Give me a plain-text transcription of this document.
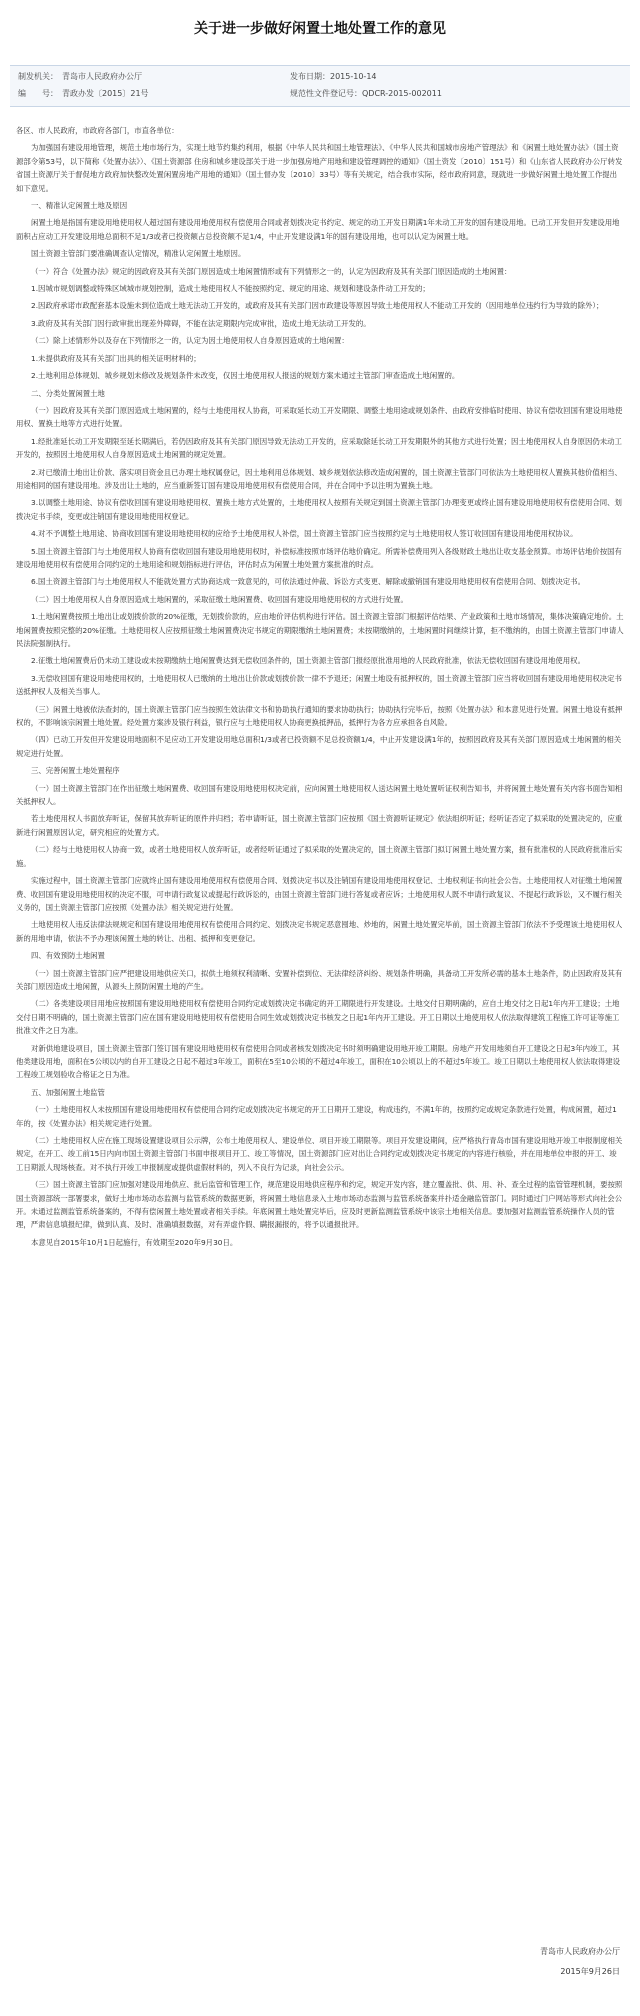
关于进一步做好闲置土地处置工作的意见
制发机关： 青岛市人民政府办公厅	发布日期：2015-10-14
编　　号： 青政办发〔2015〕21号	规范性文件登记号：QDCR-2015-002011

各区、市人民政府，市政府各部门，市直各单位：

为加强国有建设用地管理，规范土地市场行为，实现土地节约集约利用，根据《中华人民共和国土地管理法》、《中华人民共和国城市房地产管理法》和《闲置土地处置办法》（国土资源部令第53号，以下简称《处置办法》）、《国土资源部 住房和城乡建设部关于进一步加强房地产用地和建设管理调控的通知》（国土资发〔2010〕151号）和《山东省人民政府办公厅转发省国土资源厅关于督促地方政府加快整改处置闲置房地产用地的通知》（国土督办发〔2010〕33号）等有关规定，结合我市实际，经市政府同意，现就进一步做好闲置土地处置工作提出如下意见。

一、精准认定闲置土地及原因

闲置土地是指国有建设用地使用权人超过国有建设用地使用权有偿使用合同或者划拨决定书约定、规定的动工开发日期满1年未动工开发的国有建设用地。已动工开发但开发建设用地面积占应动工开发建设用地总面积不足1/3或者已投资额占总投资额不足1/4，中止开发建设满1年的国有建设用地，也可以认定为闲置土地。

国土资源主管部门要准确调查认定情况，精准认定闲置土地原因。

（一）符合《处置办法》规定的因政府及其有关部门原因造成土地闲置情形或有下列情形之一的，认定为因政府及其有关部门原因造成的土地闲置：

1.因城市规划调整或特殊区域城市规划控制，造成土地使用权人不能按照约定、规定的用途、规划和建设条件动工开发的；

2.因政府承诺市政配套基本设施未到位造成土地无法动工开发的，或政府及其有关部门因市政建设等原因导致土地使用权人不能动工开发的（因用地单位违约行为导致的除外）；

3.政府及其有关部门因行政审批出现差外障碍，不能在法定期限内完成审批，造成土地无法动工开发的。

（二）除上述情形外以及存在下列情形之一的，认定为因土地使用权人自身原因造成的土地闲置：

1.未提供政府及其有关部门出具的相关证明材料的；

2.土地利用总体规划、城乡规划未修改及规划条件未改变，仅因土地使用权人报送的规划方案未通过主管部门审查造成土地闲置的。

二、分类处置闲置土地

（一）因政府及其有关部门原因造成土地闲置的，经与土地使用权人协商，可采取延长动工开发期限、调整土地用途或规划条件、由政府安排临时使用、协议有偿收回国有建设用地使用权、置换土地等方式进行处置。

1.经批准延长动工开发期限至延长期满后，若仍因政府及其有关部门原因导致无法动工开发的，应采取除延长动工开发期限外的其他方式进行处置；因土地使用权人自身原因仍未动工开发的，按照因土地使用权人自身原因造成土地闲置的规定处置。

2.对已缴清土地出让价款、落实项目资金且已办理土地权属登记，因土地利用总体规划、城乡规划依法修改造成闲置的，国土资源主管部门可依法为土地使用权人置换其他价值相当、用途相同的国有建设用地。涉及出让土地的，应当重新签订国有建设用地使用权有偿使用合同，并在合同中予以注明为置换土地。

3.以调整土地用途、协议有偿收回国有建设用地使用权、置换土地方式处置的，土地使用权人按照有关规定到国土资源主管部门办理变更或终止国有建设用地使用权有偿使用合同、划拨决定书手续，变更或注销国有建设用地使用权登记。

4.对不予调整土地用途、协商收回国有建设用地使用权的应给予土地使用权人补偿，国土资源主管部门应当按照约定与土地使用权人签订收回国有建设用地使用权协议。

5.国土资源主管部门与土地使用权人协商有偿收回国有建设用地使用权时，补偿标准按照市场评估地价确定。所需补偿费用列入各级财政土地出让收支基金预算。市场评估地价按国有建设用地使用权有偿使用合同约定的土地用途和规划指标进行评估，评估时点为闲置土地处置方案批准的时点。

6.国土资源主管部门与土地使用权人不能就处置方式协商达成一致意见的，可依法通过仲裁、诉讼方式变更、解除或撤销国有建设用地使用权有偿使用合同、划拨决定书。

（二）因土地使用权人自身原因造成土地闲置的，采取征缴土地闲置费、收回国有建设用地使用权的方式进行处置。

1.土地闲置费按照土地出让或划拨价款的20%征缴，无划拨价款的，应由地价评估机构进行评估。国土资源主管部门根据评估结果、产业政策和土地市场情况，集体决策确定地价。土地闲置费按照完整的20%征缴。土地使用权人应按照征缴土地闲置费决定书规定的期限缴纳土地闲置费；未按期缴纳的，土地闲置时间继续计算，拒不缴纳的，由国土资源主管部门申请人民法院强制执行。

2.征缴土地闲置费后仍未动工建设或未按期缴纳土地闲置费达到无偿收回条件的，国土资源主管部门报经原批准用地的人民政府批准，依法无偿收回国有建设用地使用权。

3.无偿收回国有建设用地使用权的，土地使用权人已缴纳的土地出让价款或划拨价款一律不予退还；闲置土地设有抵押权的，国土资源主管部门应当将收回国有建设用地使用权决定书送抵押权人及相关当事人。

（三）闲置土地被依法查封的，国土资源主管部门应当按照生效法律文书和协助执行通知的要求协助执行；协助执行完毕后，按照《处置办法》和本意见进行处置。闲置土地设有抵押权的，不影响该宗闲置土地处置。经处置方案涉及银行利益，银行应与土地使用权人协商更换抵押品，抵押行为各方应承担各自风险。

（四）已动工开发但开发建设用地面积不足应动工开发建设用地总面积1/3或者已投资额不足总投资额1/4，中止开发建设满1年的，按照因政府及其有关部门原因造成土地闲置的相关规定进行处置。

三、完善闲置土地处置程序

（一）国土资源主管部门在作出征缴土地闲置费、收回国有建设用地使用权决定前，应向闲置土地使用权人送达闲置土地处置听证权利告知书，并将闲置土地处置有关内容书面告知相关抵押权人。

若土地使用权人书面放弃听证，保留其放弃听证的原件并归档；若申请听证，国土资源主管部门应按照《国土资源听证规定》依法组织听证；经听证否定了拟采取的处置决定的，应重新进行闲置原因认定，研究相应的处置方式。

（二）经与土地使用权人协商一致，或者土地使用权人放弃听证，或者经听证通过了拟采取的处置决定的，国土资源主管部门拟订闲置土地处置方案，报有批准权的人民政府批准后实施。

实施过程中，国土资源主管部门应就终止国有建设用地使用权有偿使用合同、划拨决定书以及注销国有建设用地使用权登记、土地权利证书向社会公告。土地使用权人对征缴土地闲置费、收回国有建设用地使用权的决定不服，可申请行政复议或提起行政诉讼的，由国土资源主管部门进行答复或者应诉；土地使用权人既不申请行政复议、不提起行政诉讼，又不履行相关义务的，国土资源主管部门应按照《处置办法》相关规定进行处置。

土地使用权人违反法律法规规定和国有建设用地使用权有偿使用合同约定、划拨决定书规定恶意囤地、炒地的，闲置土地处置完毕前，国土资源主管部门依法不予受理该土地使用权人新的用地申请，依法不予办理该闲置土地的转让、出租、抵押和变更登记。

四、有效预防土地闲置

（一）国土资源主管部门应严把建设用地供应关口，拟供土地须权利清晰、安置补偿到位、无法律经济纠纷、规划条件明确，具备动工开发所必需的基本土地条件，防止因政府及其有关部门原因造成土地闲置，从源头上预防闲置土地的产生。

（二）各类建设项目用地应按照国有建设用地使用权有偿使用合同约定或划拨决定书确定的开工期限进行开发建设。土地交付日期明确的，应自土地交付之日起1年内开工建设；土地交付日期不明确的，国土资源主管部门应在国有建设用地使用权有偿使用合同生效或划拨决定书核发之日起1年内开工建设。开工日期以土地使用权人依法取得建筑工程施工许可证等施工批准文件之日为准。

对新供地建设项目，国土资源主管部门签订国有建设用地使用权有偿使用合同或者核发划拨决定书时须明确建设用地开竣工期限。房地产开发用地须自开工建设之日起3年内竣工，其他类建设用地，面积在5公顷以内的自开工建设之日起不超过3年竣工，面积在5至10公顷的不超过4年竣工，面积在10公顷以上的不超过5年竣工。竣工日期以土地使用权人依法取得建设工程竣工规划验收合格证之日为准。

五、加强闲置土地监管

（一）土地使用权人未按照国有建设用地使用权有偿使用合同约定或划拨决定书规定的开工日期开工建设，构成违约，不满1年的，按照约定或规定条款进行处置，构成闲置，超过1年的，按《处置办法》相关规定进行处置。

（二）土地使用权人应在施工现场设置建设项目公示牌，公布土地使用权人、建设单位、项目开竣工期限等。项目开发建设期间，应严格执行青岛市国有建设用地开竣工申报制度相关规定，在开工、竣工前15日内向市国土资源主管部门书面申报项目开工、竣工等情况，国土资源部门应对出让合同约定或划拨决定书规定的内容进行核验，并在用地单位申报的开工、竣工日期派人现场核查。对不执行开竣工申报制度或提供虚假材料的，列入不良行为记录，向社会公示。

（三）国土资源主管部门应加强对建设用地供应、批后监管和管理工作，规范建设用地供应程序和约定，规定开发内容，建立覆盖批、供、用、补、查全过程的监管管理机制，要按照国土资源部统一部署要求，做好土地市场动态监测与监管系统的数据更新，将闲置土地信息录入土地市场动态监测与监管系统备案并扑适金融监管部门。同时通过门户网站等形式向社会公开。未通过监测监管系统备案的，不得有偿闲置土地处置或者相关手续。年底闲置土地处置完毕后，应及时更新监测监管系统中该宗土地相关信息。要加强对监测监管系统操作人员的管理，严肃信息填报纪律，做到认真、及时、准确填报数据，对有弄虚作假、瞒报漏报的，将予以通报批评。

本意见自2015年10月1日起施行，有效期至2020年9月30日。

青岛市人民政府办公厅
2015年9月26日
